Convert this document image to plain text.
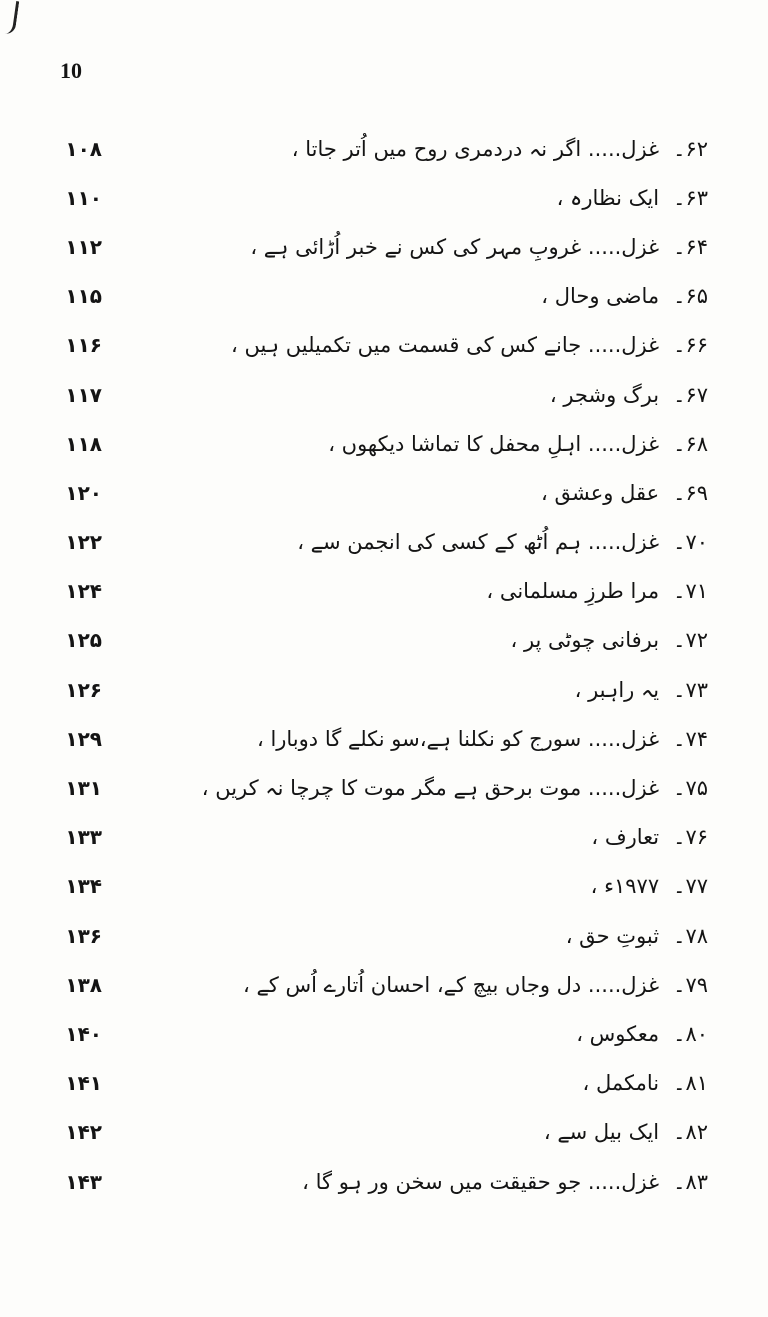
10
۱۰۸	۶۲۔غزل..... اگر نہ دردمری روح میں اُتر جاتا ،
۱۱۰	۶۳۔ایک نظارہ ،
۱۱۲	۶۴۔غزل..... غروبِ مہر کی کس نے خبر اُڑائی ہے ،
۱۱۵	۶۵۔ماضی وحال ،
۱۱۶	۶۶۔غزل..... جانے کس کی قسمت میں تکمیلیں ہیں ،
۱۱۷	۶۷۔برگ وشجر ،
۱۱۸	۶۸۔غزل..... اہلِ محفل کا تماشا دیکھوں ،
۱۲۰	۶۹۔عقل وعشق ،
۱۲۲	۷۰۔غزل..... ہم اُٹھ کے کسی کی انجمن سے ،
۱۲۴	۷۱۔مرا طرزِ مسلمانی ،
۱۲۵	۷۲۔برفانی چوٹی پر ،
۱۲۶	۷۳۔یہ راہبر ،
۱۲۹	۷۴۔غزل..... سورج کو نکلنا ہے،سو نکلے گا دوبارا ،
۱۳۱	۷۵۔غزل..... موت برحق ہے مگر موت کا چرچا نہ کریں ،
۱۳۳	۷۶۔تعارف ،
۱۳۴	۷۷۔۱۹۷۷ء ،
۱۳۶	۷۸۔ثبوتِ حق ،
۱۳۸	۷۹۔غزل..... دل وجاں بیچ کے، احسان اُتارے اُس کے ،
۱۴۰	۸۰۔معکوس ،
۱۴۱	۸۱۔نامکمل ،
۱۴۲	۸۲۔ایک بیل سے ،
۱۴۳	۸۳۔غزل..... جو حقیقت میں سخن ور ہو گا ،
